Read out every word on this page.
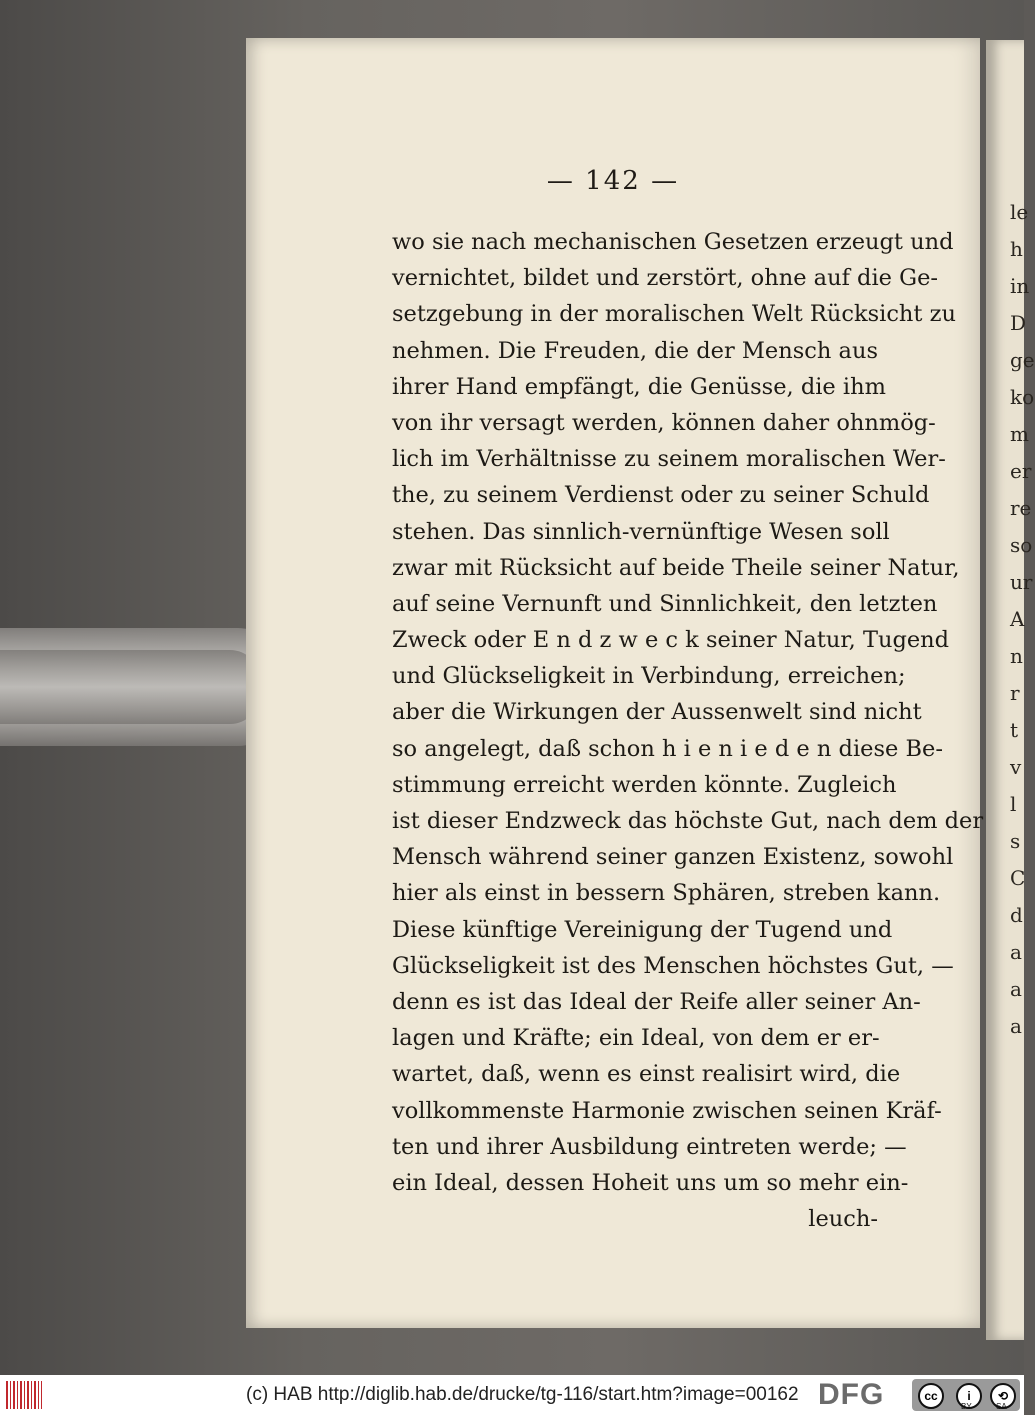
— 142 —
wo sie nach mechanischen Gesetzen erzeugt und
vernichtet, bildet und zerstört, ohne auf die Ge-
setzgebung in der moralischen Welt Rücksicht zu
nehmen. Die Freuden, die der Mensch aus
ihrer Hand empfängt, die Genüsse, die ihm
von ihr versagt werden, können daher ohnmög-
lich im Verhältnisse zu seinem moralischen Wer-
the, zu seinem Verdienst oder zu seiner Schuld
stehen. Das sinnlich-vernünftige Wesen soll
zwar mit Rücksicht auf beide Theile seiner Natur,
auf seine Vernunft und Sinnlichkeit, den letzten
Zweck oder E n d z w e c k seiner Natur, Tugend
und Glückseligkeit in Verbindung, erreichen;
aber die Wirkungen der Aussenwelt sind nicht
so angelegt, daß schon h i e n i e d e n diese Be-
stimmung erreicht werden könnte. Zugleich
ist dieser Endzweck das höchste Gut, nach dem der
Mensch während seiner ganzen Existenz, sowohl
hier als einst in bessern Sphären, streben kann.
Diese künftige Vereinigung der Tugend und
Glückseligkeit ist des Menschen höchstes Gut, —
denn es ist das Ideal der Reife aller seiner An-
lagen und Kräfte; ein Ideal, von dem er er-
wartet, daß, wenn es einst realisirt wird, die
vollkommenste Harmonie zwischen seinen Kräf-
ten und ihrer Ausbildung eintreten werde; —
ein Ideal, dessen Hoheit uns um so mehr ein-
leuch-
le
h
in
D
ge
ko
m
er
re
so
ur
A
n
r
t
v
l
s
C
d
a
a
a
(c) HAB http://diglib.hab.de/drucke/tg-116/start.htm?image=00162 DFG	cc	i	⟲
BY	SA
